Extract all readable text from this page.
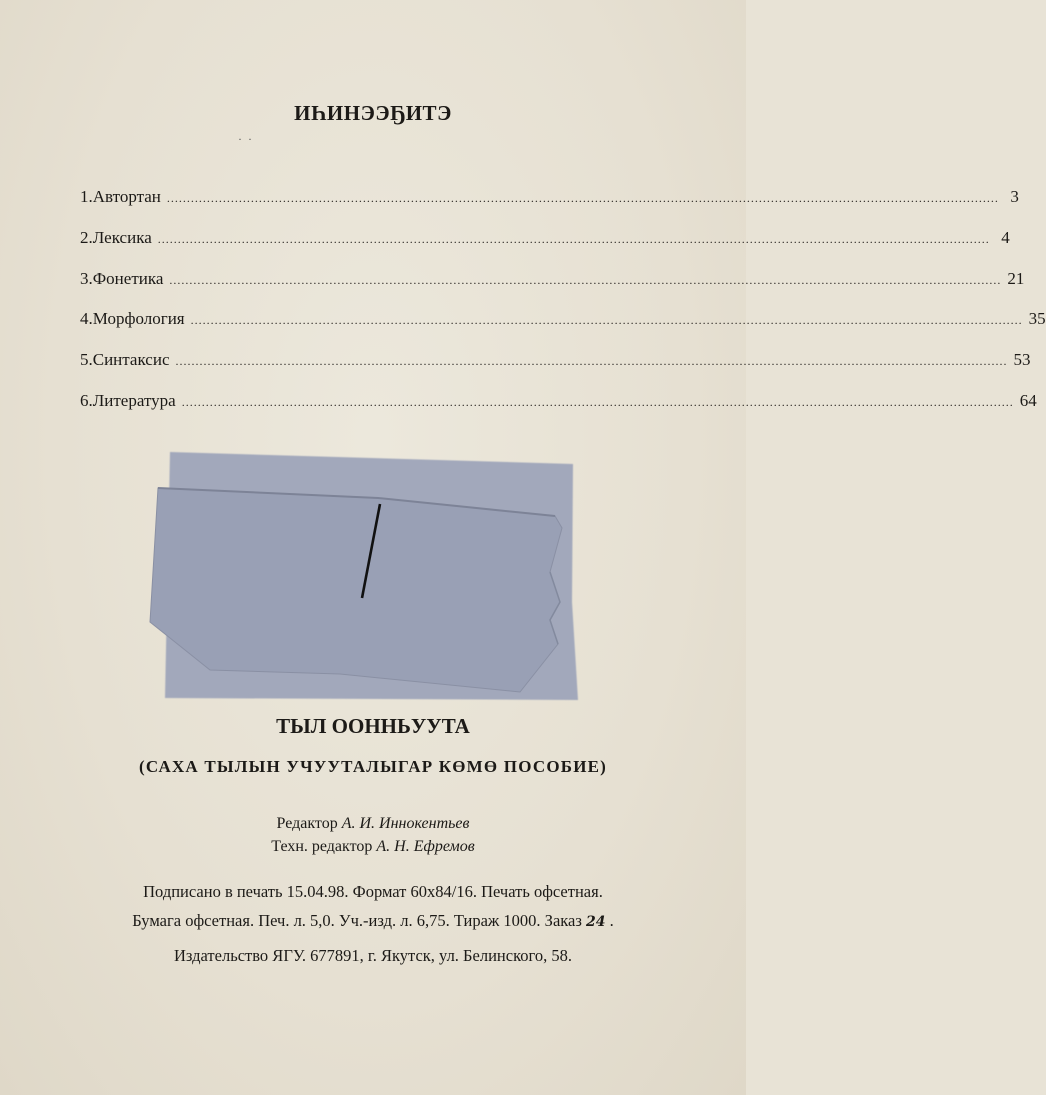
ИҺИНЭЭҔИТЭ
··
1. Автортан ................................................................................................................................................................................................................ 3
2. Лексика ................................................................................................................................................................................................................ 4
3. Фонетика ................................................................................................................................................................................................................ 21
4. Морфология ................................................................................................................................................................................................................ 35
5. Синтаксис ................................................................................................................................................................................................................ 53
6. Литература ................................................................................................................................................................................................................ 64
ТЫЛ ООННЬУУТА
(САХА ТЫЛЫН УЧУУТАЛЫГАР КӨМӨ ПОСОБИЕ)
Редактор А. И. Иннокентьев
Техн. редактор А. Н. Ефремов
Подписано в печать 15.04.98. Формат 60x84/16. Печать офсетная.
Бумага офсетная. Печ. л. 5,0. Уч.-изд. л. 6,75. Тираж 1000. Заказ 24 .
Издательство ЯГУ. 677891, г. Якутск, ул. Белинского, 58.
